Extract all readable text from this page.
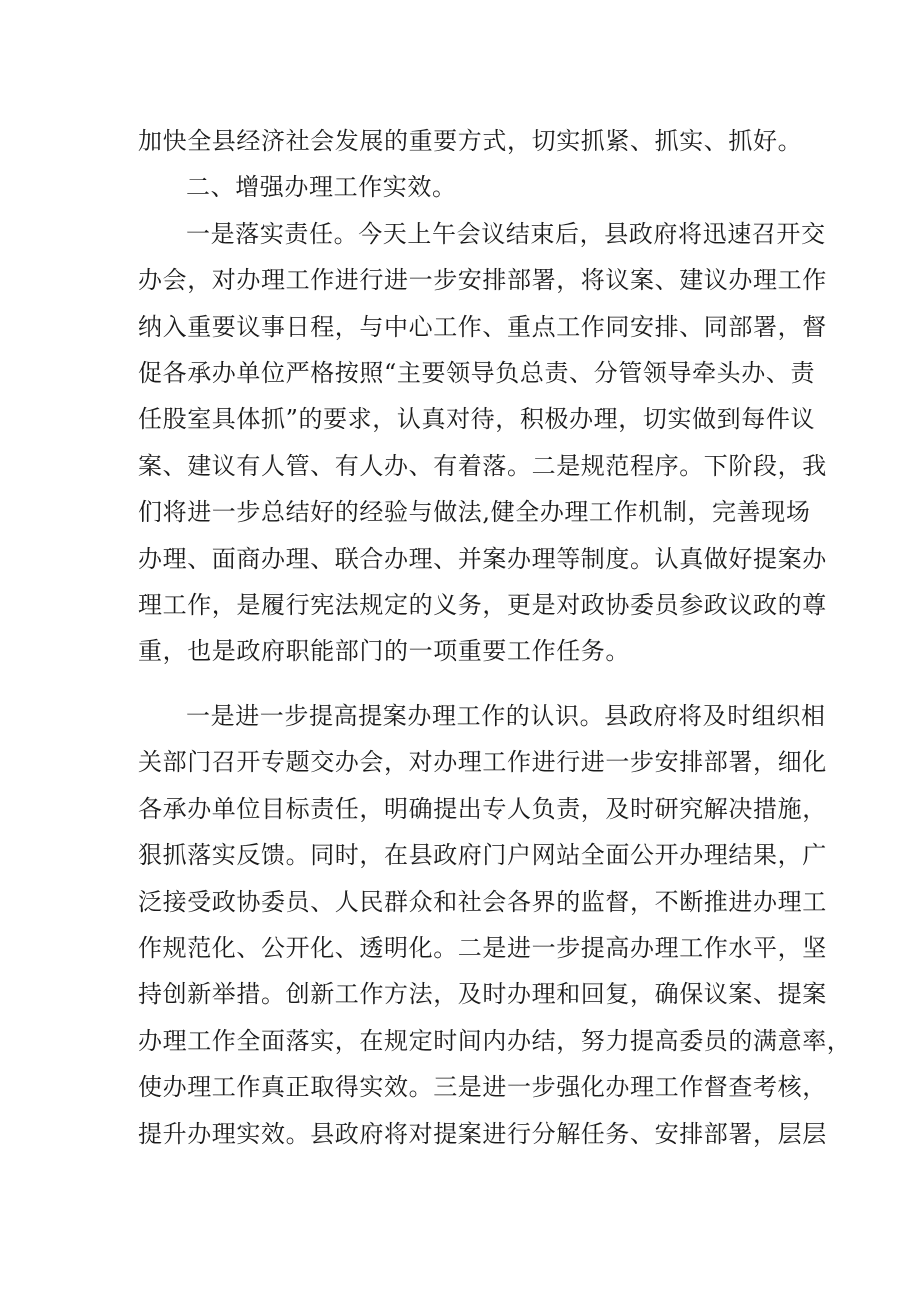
加快全县经济社会发展的重要方式，切实抓紧、抓实、抓好。

二、增强办理工作实效。

一是落实责任。今天上午会议结束后，县政府将迅速召开交
办会，对办理工作进行进一步安排部署，将议案、建议办理工作
纳入重要议事日程，与中心工作、重点工作同安排、同部署，督
促各承办单位严格按照“主要领导负总责、分管领导牵头办、责
任股室具体抓”的要求，认真对待，积极办理，切实做到每件议
案、建议有人管、有人办、有着落。二是规范程序。下阶段，我
们将进一步总结好的经验与做法,健全办理工作机制，完善现场
办理、面商办理、联合办理、并案办理等制度。认真做好提案办
理工作，是履行宪法规定的义务，更是对政协委员参政议政的尊
重，也是政府职能部门的一项重要工作任务。

一是进一步提高提案办理工作的认识。县政府将及时组织相
关部门召开专题交办会，对办理工作进行进一步安排部署，细化
各承办单位目标责任，明确提出专人负责，及时研究解决措施，
狠抓落实反馈。同时，在县政府门户网站全面公开办理结果，广
泛接受政协委员、人民群众和社会各界的监督，不断推进办理工
作规范化、公开化、透明化。二是进一步提高办理工作水平，坚
持创新举措。创新工作方法，及时办理和回复，确保议案、提案
办理工作全面落实，在规定时间内办结，努力提高委员的满意率，
使办理工作真正取得实效。三是进一步强化办理工作督查考核，
提升办理实效。县政府将对提案进行分解任务、安排部署，层层
